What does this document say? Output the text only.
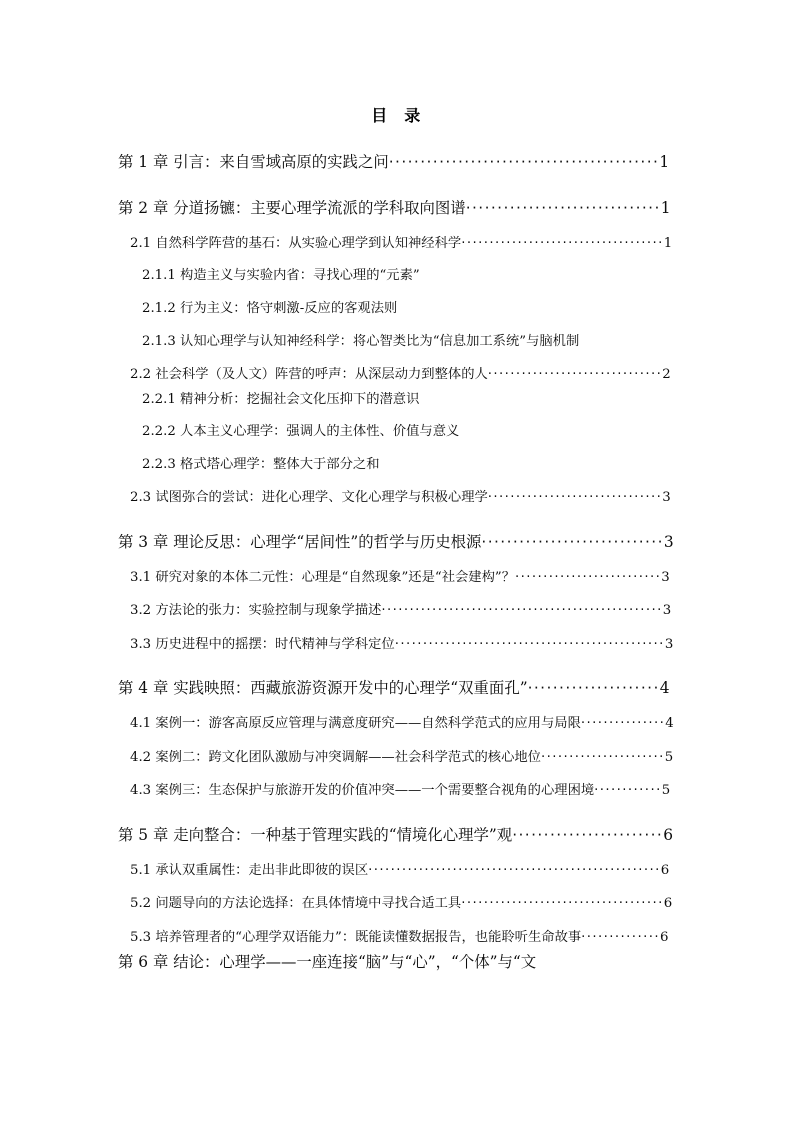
目　录
第 1 章 引言：来自雪域高原的实践之问···········································1
第 2 章 分道扬镳：主要心理学流派的学科取向图谱·······························1
2.1 自然科学阵营的基石：从实验心理学到认知神经科学····································1
2.1.1 构造主义与实验内省：寻找心理的“元素”
2.1.2 行为主义：恪守刺激-反应的客观法则
2.1.3 认知心理学与认知神经科学：将心智类比为“信息加工系统”与脑机制
2.2 社会科学（及人文）阵营的呼声：从深层动力到整体的人·······························2
2.2.1 精神分析：挖掘社会文化压抑下的潜意识
2.2.2 人本主义心理学：强调人的主体性、价值与意义
2.2.3 格式塔心理学：整体大于部分之和
2.3 试图弥合的尝试：进化心理学、文化心理学与积极心理学·······························3
第 3 章 理论反思：心理学“居间性”的哲学与历史根源·····························3
3.1 研究对象的本体二元性：心理是“自然现象”还是“社会建构”？··························3
3.2 方法论的张力：实验控制与现象学描述··················································3
3.3 历史进程中的摇摆：时代精神与学科定位················································3
第 4 章 实践映照：西藏旅游资源开发中的心理学“双重面孔”·····················4
4.1 案例一：游客高原反应管理与满意度研究——自然科学范式的应用与局限···············4
4.2 案例二：跨文化团队激励与冲突调解——社会科学范式的核心地位······················5
4.3 案例三：生态保护与旅游开发的价值冲突——一个需要整合视角的心理困境············5
第 5 章 走向整合：一种基于管理实践的“情境化心理学”观························6
5.1 承认双重属性：走出非此即彼的误区····················································6
5.2 问题导向的方法论选择：在具体情境中寻找合适工具····································6
5.3 培养管理者的“心理学双语能力”：既能读懂数据报告，也能聆听生命故事··············6
第 6 章 结论：心理学——一座连接“脑”与“心”，“个体”与“文
